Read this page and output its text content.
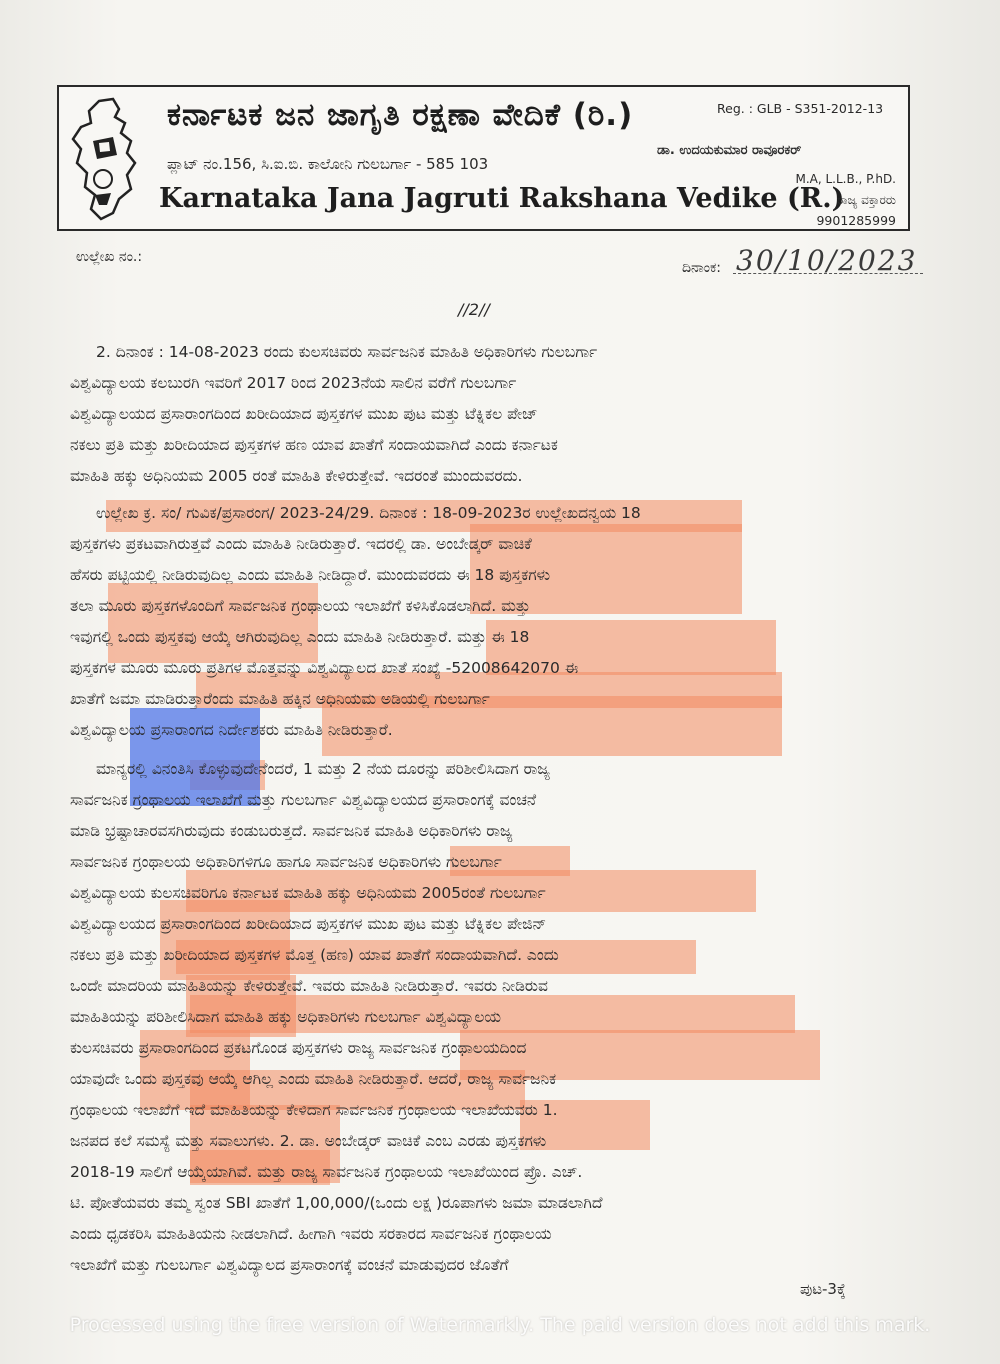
ಕರ್ನಾಟಕ ಜನ ಜಾಗೃತಿ ರಕ್ಷಣಾ ವೇದಿಕೆ (ರಿ.)	Reg. : GLB - S351-2012-13
ಪ್ಲಾಟ್ ನಂ.156, ಸಿ.ಐ.ಬಿ. ಕಾಲೋನಿ ಗುಲಬರ್ಗಾ - 585 103
Karnataka Jana Jagruti Rakshana Vedike (R.)
ಡಾ. ಉದಯಕುಮಾರ ರಾವೂರಕರ್
M.A, L.L.B., P.hD.
ರಾಜ್ಯ ವಕ್ತಾರರು
9901285999
ಉಲ್ಲೇಖ ನಂ.:
ದಿನಾಂಕ: 30/10/2023
//2//
2. ದಿನಾಂಕ : 14-08-2023 ರಂದು ಕುಲಸಚಿವರು ಸಾರ್ವಜನಿಕ ಮಾಹಿತಿ ಅಧಿಕಾರಿಗಳು ಗುಲಬರ್ಗಾ
ವಿಶ್ವವಿದ್ಯಾಲಯ ಕಲಬುರಗಿ ಇವರಿಗೆ 2017 ರಿಂದ 2023ನೆಯ ಸಾಲಿನ ವರೆಗೆ ಗುಲಬರ್ಗಾ
ವಿಶ್ವವಿದ್ಯಾಲಯದ ಪ್ರಸಾರಾಂಗದಿಂದ ಖರೀದಿಯಾದ ಪುಸ್ತಕಗಳ ಮುಖ ಪುಟ ಮತ್ತು ಟೆಕ್ನಿಕಲ ಪೇಜ್
ನಕಲು ಪ್ರತಿ ಮತ್ತು ಖರೀದಿಯಾದ ಪುಸ್ತಕಗಳ ಹಣ ಯಾವ ಖಾತೆಗೆ ಸಂದಾಯವಾಗಿದೆ ಎಂದು ಕರ್ನಾಟಕ
ಮಾಹಿತಿ ಹಕ್ಕು ಅಧಿನಿಯಮ 2005 ರಂತೆ ಮಾಹಿತಿ ಕೇಳಿರುತ್ತೇವೆ. ಇದರಂತೆ ಮುಂದುವರದು.
ಉಲ್ಲೇಖ ಕ್ರ. ಸಂ/ ಗುವಿಕ/ಪ್ರಸಾರಂಗ/ 2023-24/29. ದಿನಾಂಕ : 18-09-2023ರ ಉಲ್ಲೇಖದನ್ವಯ 18
ಪುಸ್ತಕಗಳು ಪ್ರಕಟವಾಗಿರುತ್ತವೆ ಎಂದು ಮಾಹಿತಿ ನೀಡಿರುತ್ತಾರೆ. ಇದರಲ್ಲಿ ಡಾ. ಅಂಬೇಡ್ಕರ್ ವಾಚಿಕೆ
ಹೆಸರು ಪಟ್ಟಿಯಲ್ಲಿ ನೀಡಿರುವುದಿಲ್ಲ ಎಂದು ಮಾಹಿತಿ ನೀಡಿದ್ದಾರೆ. ಮುಂದುವರದು ಈ 18 ಪುಸ್ತಕಗಳು
ತಲಾ ಮೂರು ಪುಸ್ತಕಗಳೊಂದಿಗೆ ಸಾರ್ವಜನಿಕ ಗ್ರಂಥಾಲಯ ಇಲಾಖೆಗೆ ಕಳಿಸಿಕೊಡಲಾಗಿದೆ. ಮತ್ತು
ಇವುಗಲ್ಲಿ ಒಂದು ಪುಸ್ತಕವು ಆಯ್ಕೆ ಆಗಿರುವುದಿಲ್ಲ ಎಂದು ಮಾಹಿತಿ ನೀಡಿರುತ್ತಾರೆ. ಮತ್ತು ಈ 18
ಪುಸ್ತಕಗಳ ಮೂರು ಮೂರು ಪ್ರತಿಗಳ ಮೊತ್ತವನ್ನು ವಿಶ್ವವಿದ್ಯಾಲದ ಖಾತೆ ಸಂಖ್ಯೆ -52008642070 ಈ
ಖಾತೆಗೆ ಜಮಾ ಮಾಡಿರುತ್ತಾರೆಂದು ಮಾಹಿತಿ ಹಕ್ಕಿನ ಅಧಿನಿಯಮ ಅಡಿಯಲ್ಲಿ ಗುಲಬರ್ಗಾ
ವಿಶ್ವವಿದ್ಯಾಲಯ ಪ್ರಸಾರಾಂಗದ ನಿರ್ದೇಶಕರು ಮಾಹಿತಿ ನೀಡಿರುತ್ತಾರೆ.
ಮಾನ್ಯರಲ್ಲಿ ವಿನಂತಿಸಿ ಕೊಳ್ಳುವುದೇನೆಂದರೆ, 1 ಮತ್ತು 2 ನೆಯ ದೂರನ್ನು ಪರಿಶೀಲಿಸಿದಾಗ ರಾಜ್ಯ
ಸಾರ್ವಜನಿಕ ಗ್ರಂಥಾಲಯ ಇಲಾಖೆಗೆ ಮತ್ತು ಗುಲಬರ್ಗಾ ವಿಶ್ವವಿದ್ಯಾಲಯದ ಪ್ರಸಾರಾಂಗಕ್ಕೆ ವಂಚನೆ
ಮಾಡಿ ಭ್ರಷ್ಟಾಚಾರವಸಗಿರುವುದು ಕಂಡುಬರುತ್ತದೆ. ಸಾರ್ವಜನಿಕ ಮಾಹಿತಿ ಅಧಿಕಾರಿಗಳು ರಾಜ್ಯ
ಸಾರ್ವಜನಿಕ ಗ್ರಂಥಾಲಯ ಅಧಿಕಾರಿಗಳಿಗೂ ಹಾಗೂ ಸಾರ್ವಜನಿಕ ಅಧಿಕಾರಿಗಳು ಗುಲಬರ್ಗಾ
ವಿಶ್ವವಿದ್ಯಾಲಯ ಕುಲಸಚಿವರಿಗೂ ಕರ್ನಾಟಕ ಮಾಹಿತಿ ಹಕ್ಕು ಅಧಿನಿಯಮ 2005ರಂತೆ ಗುಲಬರ್ಗಾ
ವಿಶ್ವವಿದ್ಯಾಲಯದ ಪ್ರಸಾರಾಂಗದಿಂದ ಖರೀದಿಯಾದ ಪುಸ್ತಕಗಳ ಮುಖ ಪುಟ ಮತ್ತು ಟೆಕ್ನಿಕಲ ಪೇಜಿನ್
ನಕಲು ಪ್ರತಿ ಮತ್ತು ಖರೀದಿಯಾದ ಪುಸ್ತಕಗಳ ಮೊತ್ತ (ಹಣ) ಯಾವ ಖಾತೆಗೆ ಸಂದಾಯವಾಗಿದೆ. ಎಂದು
ಒಂದೇ ಮಾದರಿಯ ಮಾಹಿತಿಯನ್ನು ಕೇಳಿರುತ್ತೇವೆ. ಇವರು ಮಾಹಿತಿ ನೀಡಿರುತ್ತಾರೆ. ಇವರು ನೀಡಿರುವ
ಮಾಹಿತಿಯನ್ನು ಪರಿಶೀಲಿಸಿದಾಗ ಮಾಹಿತಿ ಹಕ್ಕು ಅಧಿಕಾರಿಗಳು ಗುಲಬರ್ಗಾ ವಿಶ್ವವಿದ್ಯಾಲಯ
ಕುಲಸಚಿವರು ಪ್ರಸಾರಾಂಗದಿಂದ ಪ್ರಕಟಗೊಂಡ ಪುಸ್ತಕಗಳು ರಾಜ್ಯ ಸಾರ್ವಜನಿಕ ಗ್ರಂಥಾಲಯದಿಂದ
ಯಾವುದೇ ಒಂದು ಪುಸ್ತಕವು ಆಯ್ಕೆ ಆಗಿಲ್ಲ ಎಂದು ಮಾಹಿತಿ ನೀಡಿರುತ್ತಾರೆ. ಆದರೆ, ರಾಜ್ಯ ಸಾರ್ವಜನಿಕ
ಗ್ರಂಥಾಲಯ ಇಲಾಖೆಗೆ ಇದೆ ಮಾಹಿತಿಯನ್ನು ಕೇಳಿದಾಗ ಸಾರ್ವಜನಿಕ ಗ್ರಂಥಾಲಯ ಇಲಾಖೆಯವರು 1.
ಜನಪದ ಕಲೆ ಸಮಸ್ಯೆ ಮತ್ತು ಸವಾಲುಗಳು. 2. ಡಾ. ಅಂಬೇಡ್ಕರ್ ವಾಚಿಕೆ ಎಂಬ ಎರಡು ಪುಸ್ತಕಗಳು
2018-19 ಸಾಲಿಗೆ ಆಯ್ಕೆಯಾಗಿವೆ. ಮತ್ತು ರಾಜ್ಯ ಸಾರ್ವಜನಿಕ ಗ್ರಂಥಾಲಯ ಇಲಾಖೆಯಿಂದ ಪ್ರೊ. ಎಚ್.
ಟಿ. ಪೋತೆಯವರು ತಮ್ಮ ಸ್ವಂತ SBI ಖಾತೆಗೆ 1,00,000/(ಒಂದು ಲಕ್ಷ )ರೂಪಾಗಳು ಜಮಾ ಮಾಡಲಾಗಿದೆ
ಎಂದು ಧೃಡಕರಿಸಿ ಮಾಹಿತಿಯನು ನೀಡಲಾಗಿದೆ. ಹೀಗಾಗಿ ಇವರು ಸರಕಾರದ ಸಾರ್ವಜನಿಕ ಗ್ರಂಥಾಲಯ
ಇಲಾಖೆಗೆ ಮತ್ತು ಗುಲಬರ್ಗಾ ವಿಶ್ವವಿದ್ಯಾಲದ ಪ್ರಸಾರಾಂಗಕ್ಕೆ ವಂಚನೆ ಮಾಡುವುದರ ಜೊತೆಗೆ
ಪುಟ-3ಕ್ಕೆ
Processed using the free version of Watermarkly. The paid version does not add this mark.
